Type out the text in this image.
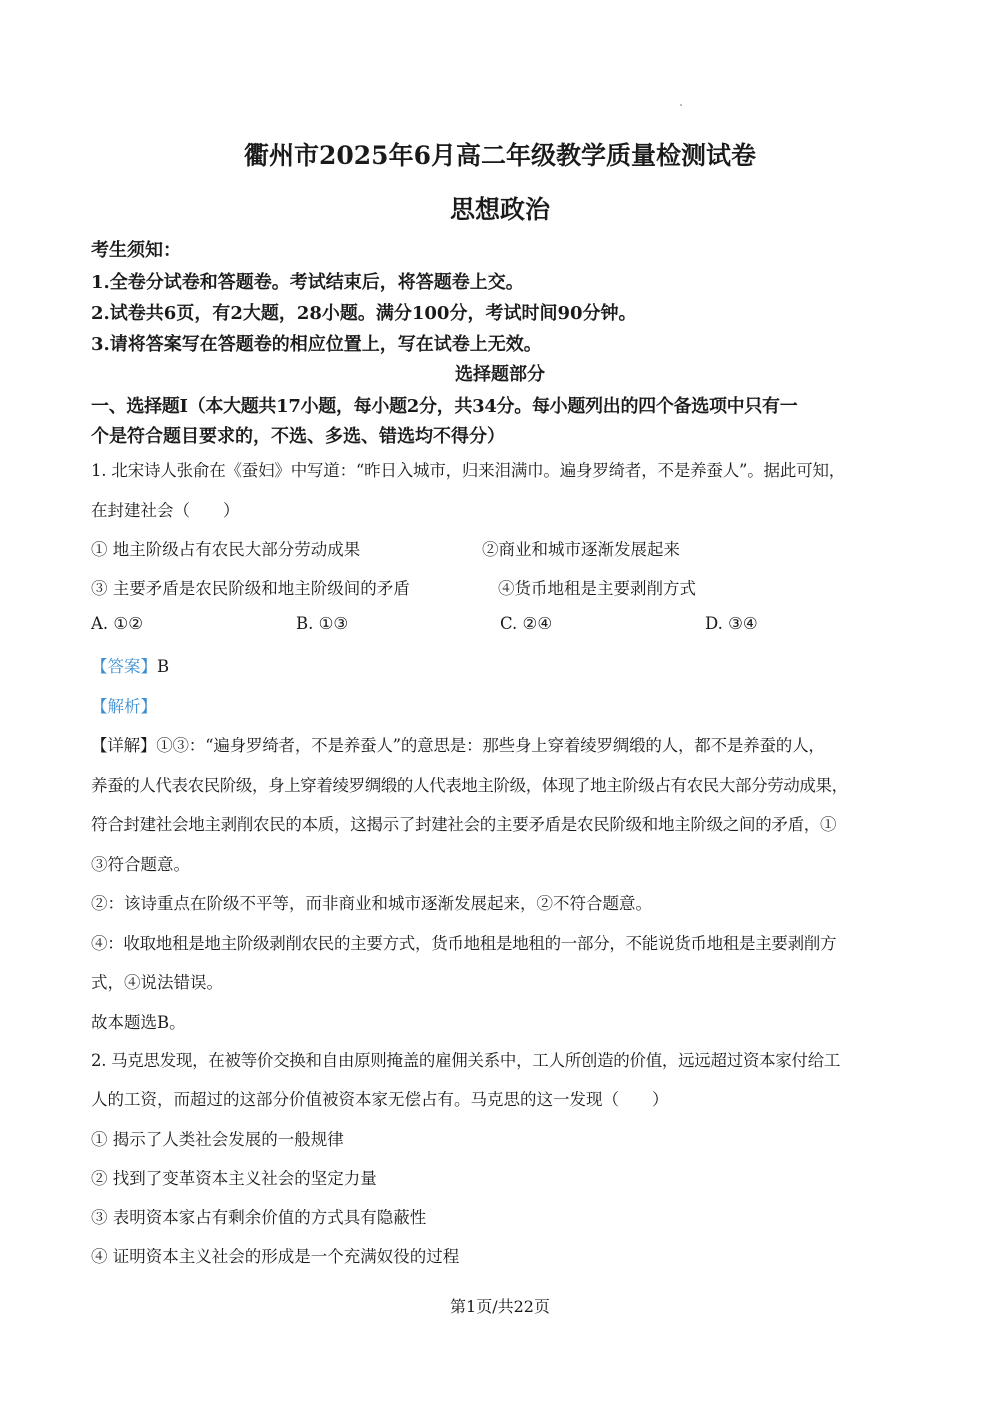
衢州市2025年6月高二年级教学质量检测试卷
思想政治
考生须知：
1.全卷分试卷和答题卷。考试结束后，将答题卷上交。
2.试卷共6页，有2大题，28小题。满分100分，考试时间90分钟。
3.请将答案写在答题卷的相应位置上，写在试卷上无效。
选择题部分
一、选择题Ⅰ（本大题共17小题，每小题2分，共34分。每小题列出的四个备选项中只有一
个是符合题目要求的，不选、多选、错选均不得分）
1. 北宋诗人张俞在《蚕妇》中写道：“昨日入城市，归来泪满巾。遍身罗绮者，不是养蚕人”。据此可知，
在封建社会（　　）
① 地主阶级占有农民大部分劳动成果	②商业和城市逐渐发展起来
③ 主要矛盾是农民阶级和地主阶级间的矛盾	④货币地租是主要剥削方式
A. ①②	B. ①③	C. ②④	D. ③④
【答案】B
【解析】
【详解】①③：“遍身罗绮者，不是养蚕人”的意思是：那些身上穿着绫罗绸缎的人，都不是养蚕的人，
养蚕的人代表农民阶级，身上穿着绫罗绸缎的人代表地主阶级，体现了地主阶级占有农民大部分劳动成果，
符合封建社会地主剥削农民的本质，这揭示了封建社会的主要矛盾是农民阶级和地主阶级之间的矛盾，①
③符合题意。
②：该诗重点在阶级不平等，而非商业和城市逐渐发展起来，②不符合题意。
④：收取地租是地主阶级剥削农民的主要方式，货币地租是地租的一部分，不能说货币地租是主要剥削方
式，④说法错误。
故本题选B。
2. 马克思发现，在被等价交换和自由原则掩盖的雇佣关系中，工人所创造的价值，远远超过资本家付给工
人的工资，而超过的这部分价值被资本家无偿占有。马克思的这一发现（　　）
① 揭示了人类社会发展的一般规律
② 找到了变革资本主义社会的坚定力量
③ 表明资本家占有剩余价值的方式具有隐蔽性
④ 证明资本主义社会的形成是一个充满奴役的过程
第1页/共22页
